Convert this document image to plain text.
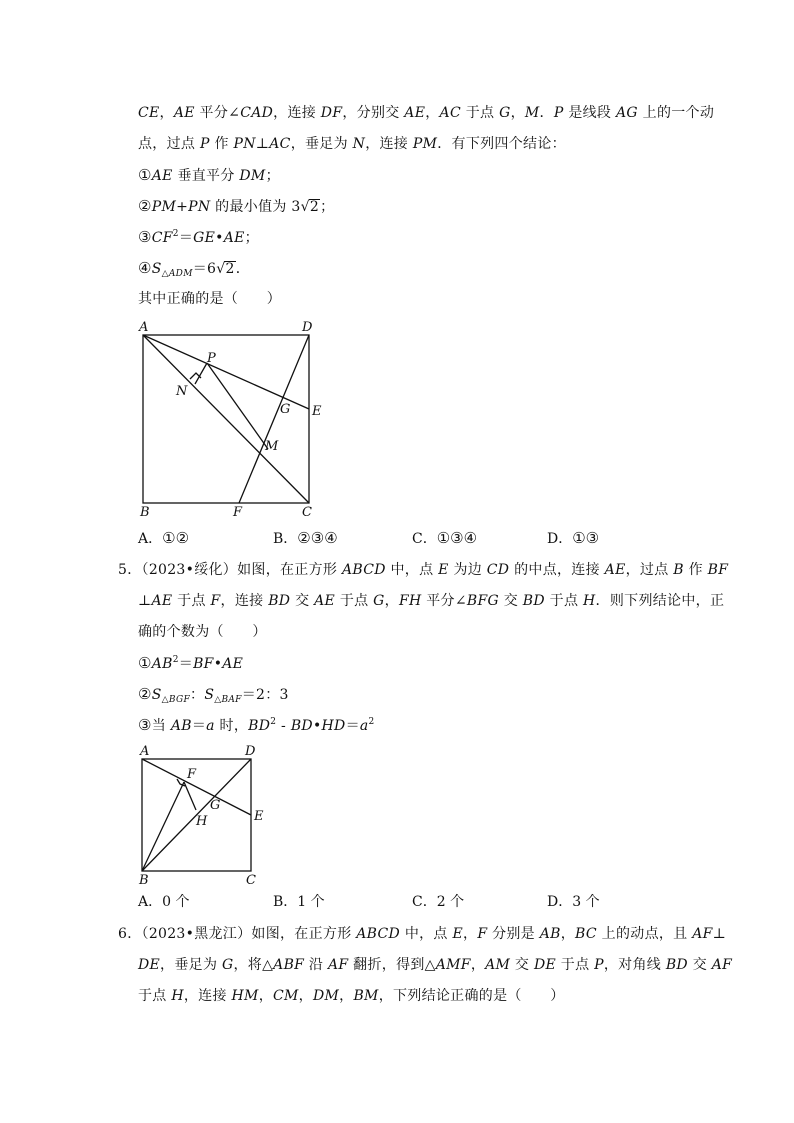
CE，AE 平分∠CAD，连接 DF，分别交 AE，AC 于点 G，M．P 是线段 AG 上的一个动
点，过点 P 作 PN⊥AC，垂足为 N，连接 PM．有下列四个结论：
①AE 垂直平分 DM；
②PM+PN 的最小值为 3√2；
$③CF^2=GE•AE$；
$④S_{\triangle ADM}=6√2$．
其中正确的是（　　）
A	D
P
N
G E
M
B	F	C
A．①②	B．②③④	C．①③④	D．①③
5．（2023•绥化）如图，在正方形 ABCD 中，点 E 为边 CD 的中点，连接 AE，过点 B 作 BF
⊥AE 于点 F，连接 BD 交 AE 于点 G，FH 平分∠BFG 交 BD 于点 H．则下列结论中，正
确的个数为（　　）
$①AB^2=BF•AE$
$②S_{\triangle BGF}$：$S_{\triangle BAF}=2$：3
③当 AB＝a 时，$BD^2$ - $BD•HD=a^2$
A	D
F
G
H	E
B	C
A．0 个	B．1 个	C．2 个	D．3 个
6．（2023•黑龙江）如图，在正方形 ABCD 中，点 E，F 分别是 AB，BC 上的动点，且 AF⊥
DE，垂足为 G，将△ABF 沿 AF 翻折，得到△AMF，AM 交 DE 于点 P，对角线 BD 交 AF
于点 H，连接 HM，CM，DM，BM，下列结论正确的是（　　）
